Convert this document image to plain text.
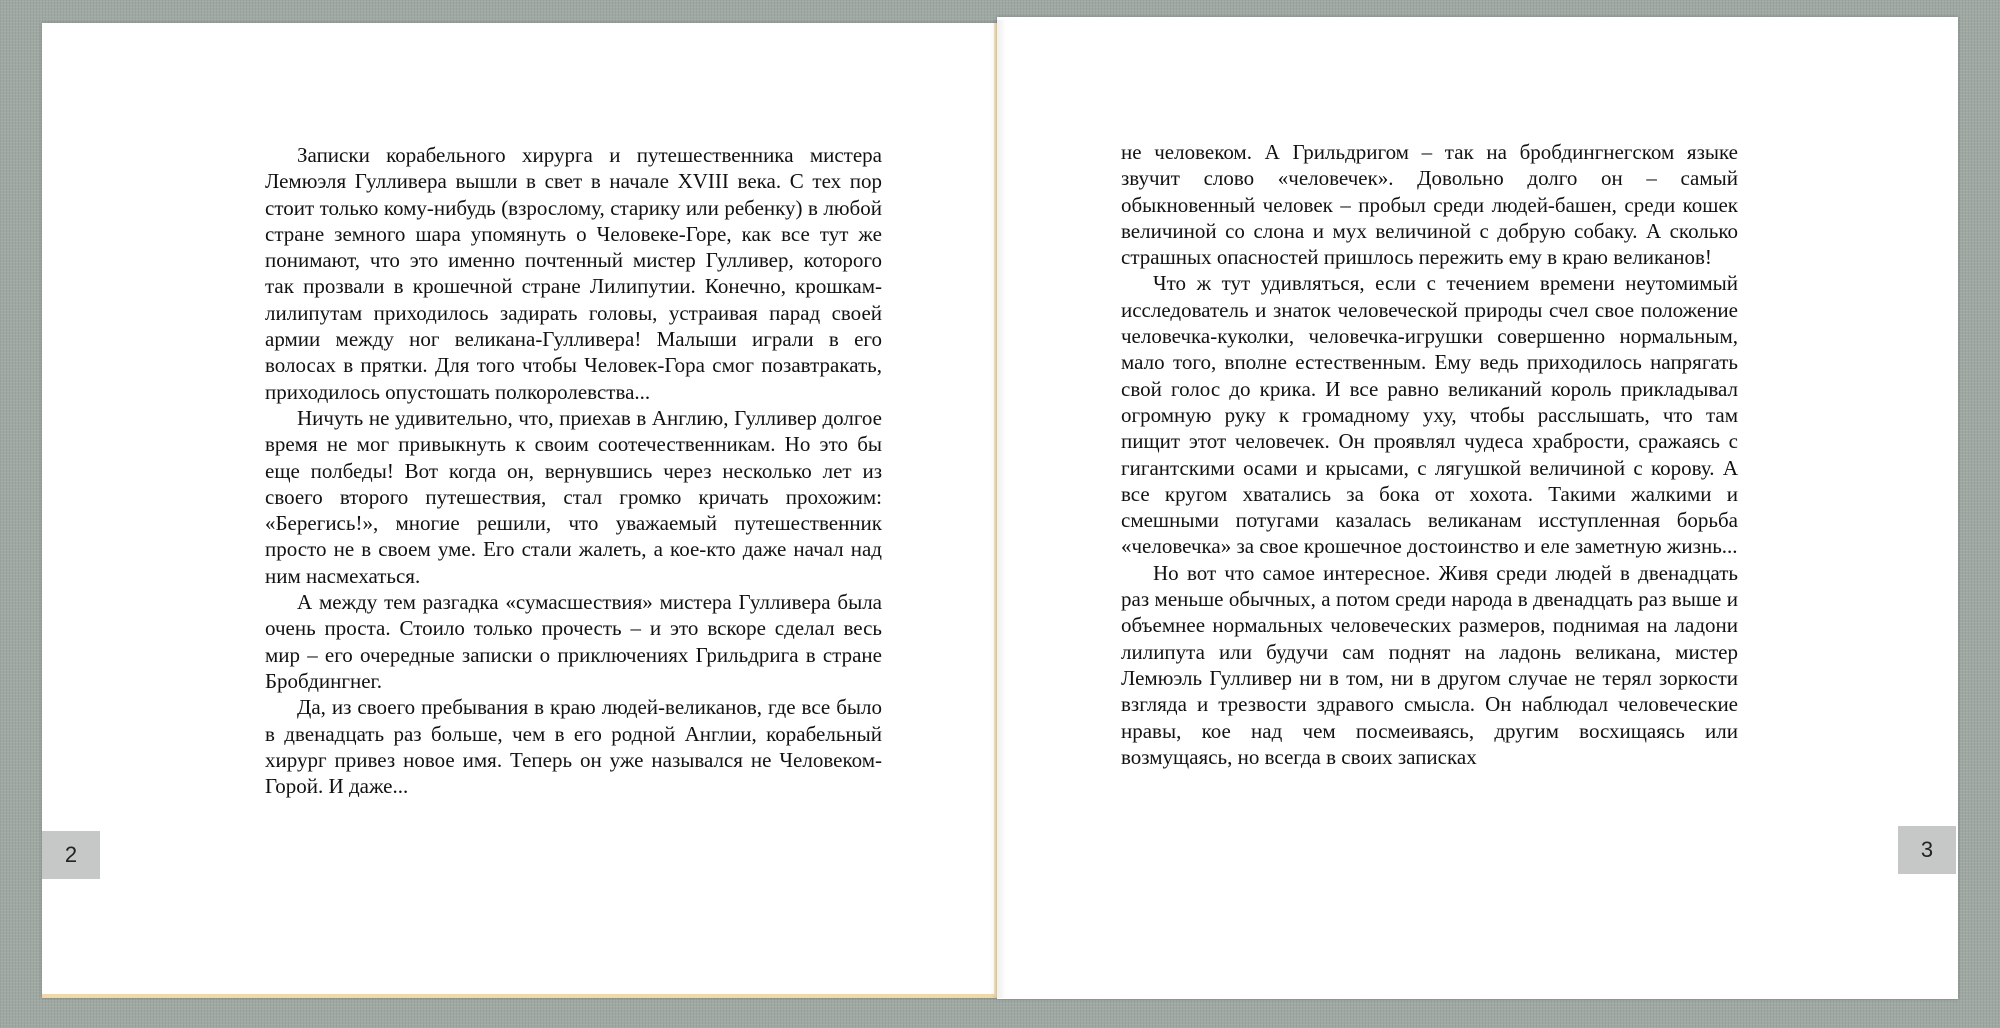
Записки корабельного хирурга и путешественника мистера Лемюэля Гулливера вышли в свет в начале XVIII века. С тех пор стоит только кому-нибудь (взрослому, старику или ребенку) в любой стране земного шара упомянуть о Человеке-Горе, как все тут же понимают, что это именно почтенный мистер Гулливер, которого так прозвали в крошечной стране Лилипутии. Конечно, крошкам-лилипутам приходилось задирать головы, устраивая парад своей армии между ног великана-Гулливера! Малыши играли в его волосах в прятки. Для того чтобы Человек-Гора смог позавтракать, приходилось опустошать полкоролевства...

Ничуть не удивительно, что, приехав в Англию, Гулливер долгое время не мог привыкнуть к своим соотечественникам. Но это бы еще полбеды! Вот когда он, вернувшись через несколько лет из своего второго путешествия, стал громко кричать прохожим: «Берегись!», многие решили, что уважаемый путешественник просто не в своем уме. Его стали жалеть, а кое-кто даже начал над ним насмехаться.

А между тем разгадка «сумасшествия» мистера Гулливера была очень проста. Стоило только прочесть – и это вскоре сделал весь мир – его очередные записки о приключениях Грильдрига в стране Бробдингнег.

Да, из своего пребывания в краю людей-великанов, где все было в двенадцать раз больше, чем в его родной Англии, корабельный хирург привез новое имя. Теперь он уже назывался не Человеком-Горой. И даже...

не человеком. А Грильдригом – так на бробдингнегском языке звучит слово «человечек». Довольно долго он – самый обыкновенный человек – пробыл среди людей-башен, среди кошек величиной со слона и мух величиной с добрую собаку. А сколько страшных опасностей пришлось пережить ему в краю великанов!

Что ж тут удивляться, если с течением времени неутомимый исследователь и знаток человеческой природы счел свое положение человечка-куколки, человечка-игрушки совершенно нормальным, мало того, вполне естественным. Ему ведь приходилось напрягать свой голос до крика. И все равно великаний король прикладывал огромную руку к громадному уху, чтобы расслышать, что там пищит этот человечек. Он проявлял чудеса храбрости, сражаясь с гигантскими осами и крысами, с лягушкой величиной с корову. А все кругом хватались за бока от хохота. Такими жалкими и смешными потугами казалась великанам исступленная борьба «человечка» за свое крошечное достоинство и еле заметную жизнь...

Но вот что самое интересное. Живя среди людей в двенадцать раз меньше обычных, а потом среди народа в двенадцать раз выше и объемнее нормальных человеческих размеров, поднимая на ладони лилипута или будучи сам поднят на ладонь великана, мистер Лемюэль Гулливер ни в том, ни в другом случае не терял зоркости взгляда и трезвости здравого смысла. Он наблюдал человеческие нравы, кое над чем посмеиваясь, другим восхищаясь или возмущаясь, но всегда в своих записках

2	3
